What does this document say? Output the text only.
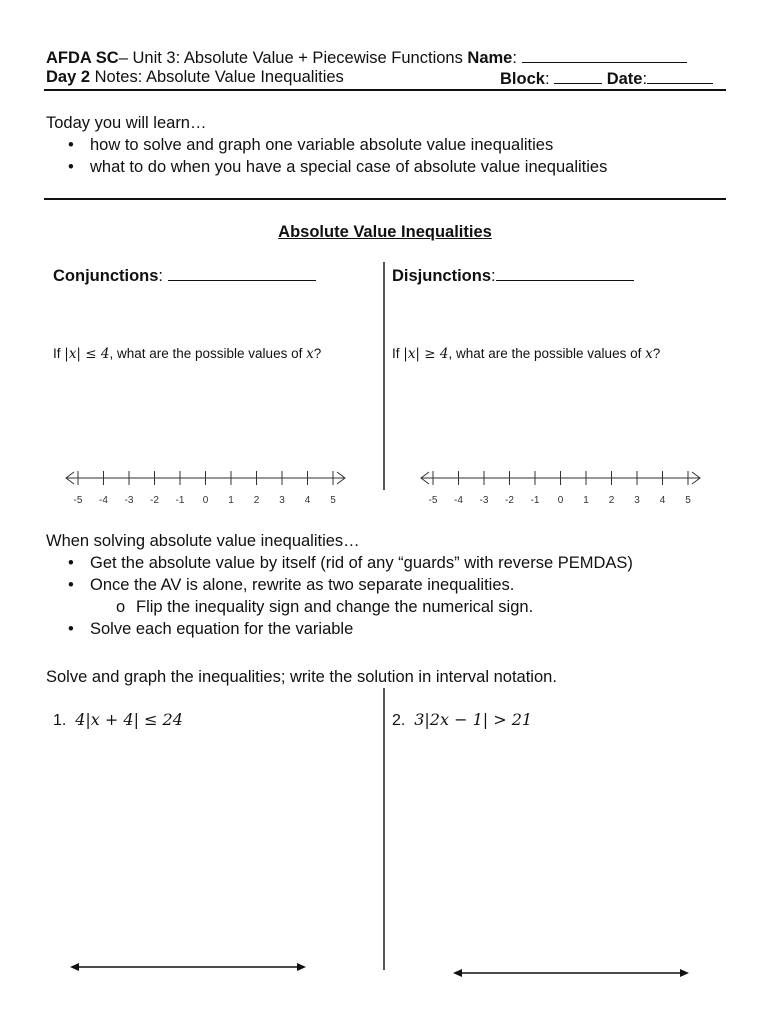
AFDA SC– Unit 3: Absolute Value + Piecewise Functions Name:
Day 2 Notes: Absolute Value Inequalities	Block:	Date:
Today you will learn…
• how to solve and graph one variable absolute value inequalities
• what to do when you have a special case of absolute value inequalities
Absolute Value Inequalities
Conjunctions:	Disjunctions:
If |x| ≤ 4, what are the possible values of x?	If |x| ≥ 4, what are the possible values of x?
-5 -4 -3 -2 -1 0 1 2 3 4 5	-5 -4 -3 -2 -1 0 1 2 3 4 5
When solving absolute value inequalities…
• Get the absolute value by itself (rid of any “guards” with reverse PEMDAS)
• Once the AV is alone, rewrite as two separate inequalities.
o Flip the inequality sign and change the numerical sign.
• Solve each equation for the variable
Solve and graph the inequalities; write the solution in interval notation.
1. 4|x + 4| ≤ 24	2. 3|2x − 1| > 21
